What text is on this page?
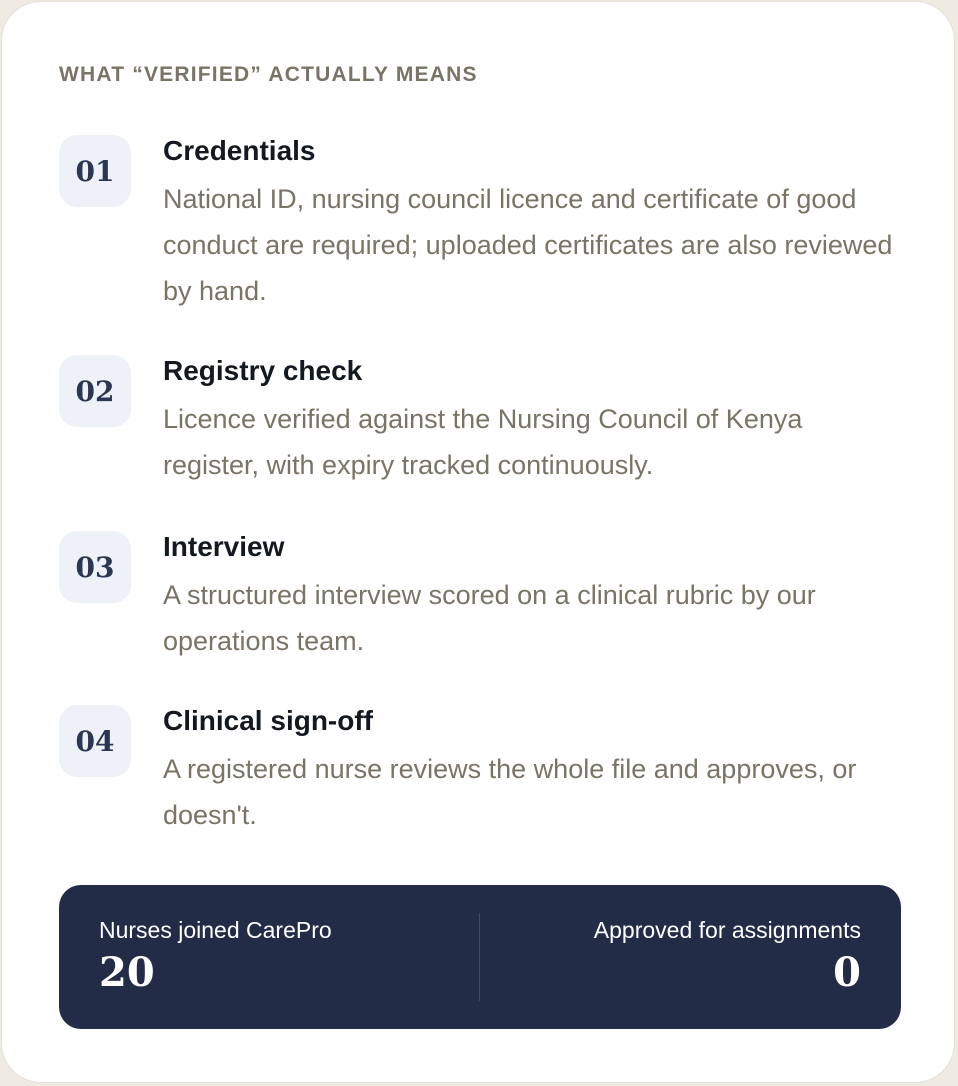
WHAT “VERIFIED” ACTUALLY MEANS
01
Credentials

National ID, nursing council licence and certificate of good conduct are required; uploaded certificates are also reviewed by hand.

02
Registry check

Licence verified against the Nursing Council of Kenya register, with expiry tracked continuously.

03
Interview

A structured interview scored on a clinical rubric by our operations team.

04
Clinical sign-off

A registered nurse reviews the whole file and approves, or doesn't.

Nurses joined CarePro
20
Approved for assignments
0
